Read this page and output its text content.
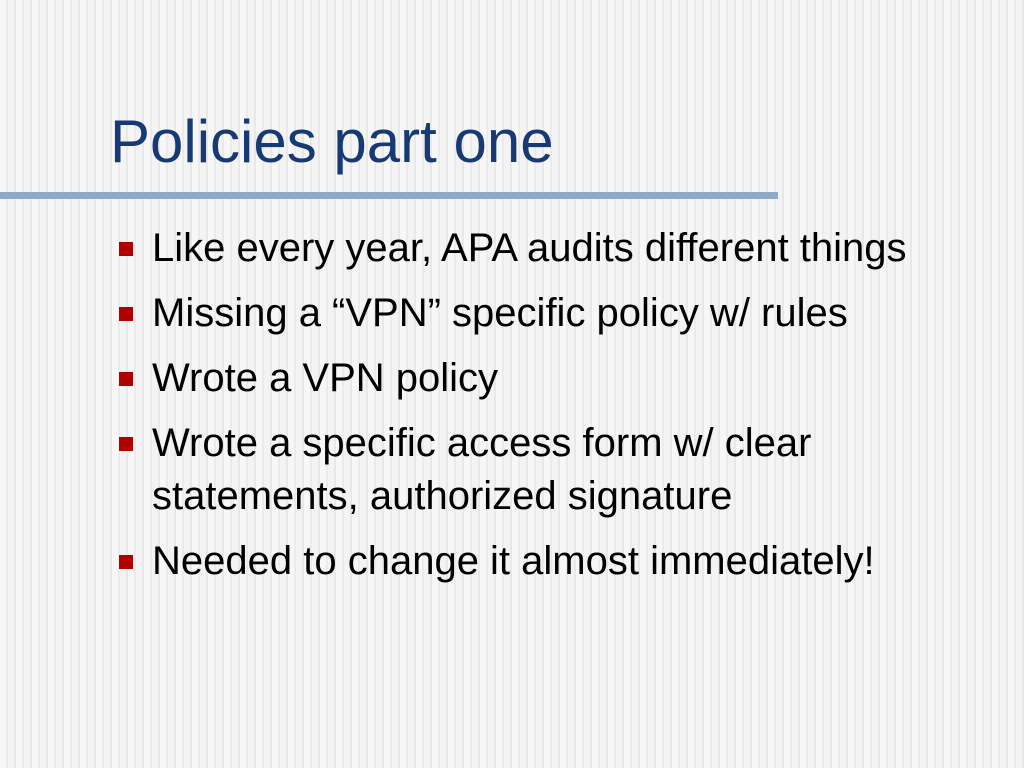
Policies part one
Like every year, APA audits different things
Missing a “VPN” specific policy w/ rules
Wrote a VPN policy
Wrote a specific access form w/ clear statements, authorized signature
Needed to change it almost immediately!
